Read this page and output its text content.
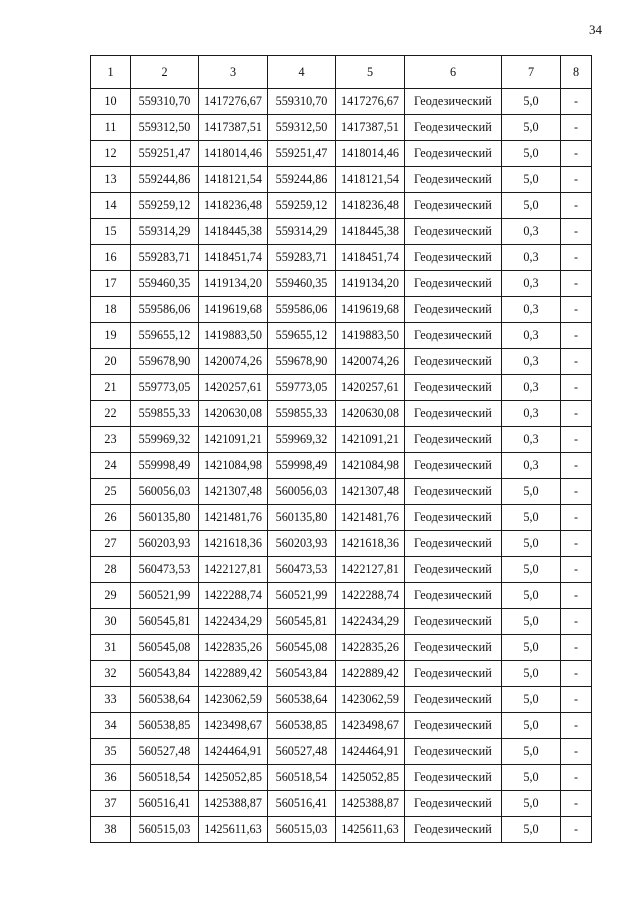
34
1	2	3	4	5	6	7	8
10	559310,70	1417276,67	559310,70	1417276,67	Геодезический	5,0	-
11	559312,50	1417387,51	559312,50	1417387,51	Геодезический	5,0	-
12	559251,47	1418014,46	559251,47	1418014,46	Геодезический	5,0	-
13	559244,86	1418121,54	559244,86	1418121,54	Геодезический	5,0	-
14	559259,12	1418236,48	559259,12	1418236,48	Геодезический	5,0	-
15	559314,29	1418445,38	559314,29	1418445,38	Геодезический	0,3	-
16	559283,71	1418451,74	559283,71	1418451,74	Геодезический	0,3	-
17	559460,35	1419134,20	559460,35	1419134,20	Геодезический	0,3	-
18	559586,06	1419619,68	559586,06	1419619,68	Геодезический	0,3	-
19	559655,12	1419883,50	559655,12	1419883,50	Геодезический	0,3	-
20	559678,90	1420074,26	559678,90	1420074,26	Геодезический	0,3	-
21	559773,05	1420257,61	559773,05	1420257,61	Геодезический	0,3	-
22	559855,33	1420630,08	559855,33	1420630,08	Геодезический	0,3	-
23	559969,32	1421091,21	559969,32	1421091,21	Геодезический	0,3	-
24	559998,49	1421084,98	559998,49	1421084,98	Геодезический	0,3	-
25	560056,03	1421307,48	560056,03	1421307,48	Геодезический	5,0	-
26	560135,80	1421481,76	560135,80	1421481,76	Геодезический	5,0	-
27	560203,93	1421618,36	560203,93	1421618,36	Геодезический	5,0	-
28	560473,53	1422127,81	560473,53	1422127,81	Геодезический	5,0	-
29	560521,99	1422288,74	560521,99	1422288,74	Геодезический	5,0	-
30	560545,81	1422434,29	560545,81	1422434,29	Геодезический	5,0	-
31	560545,08	1422835,26	560545,08	1422835,26	Геодезический	5,0	-
32	560543,84	1422889,42	560543,84	1422889,42	Геодезический	5,0	-
33	560538,64	1423062,59	560538,64	1423062,59	Геодезический	5,0	-
34	560538,85	1423498,67	560538,85	1423498,67	Геодезический	5,0	-
35	560527,48	1424464,91	560527,48	1424464,91	Геодезический	5,0	-
36	560518,54	1425052,85	560518,54	1425052,85	Геодезический	5,0	-
37	560516,41	1425388,87	560516,41	1425388,87	Геодезический	5,0	-
38	560515,03	1425611,63	560515,03	1425611,63	Геодезический	5,0	-
